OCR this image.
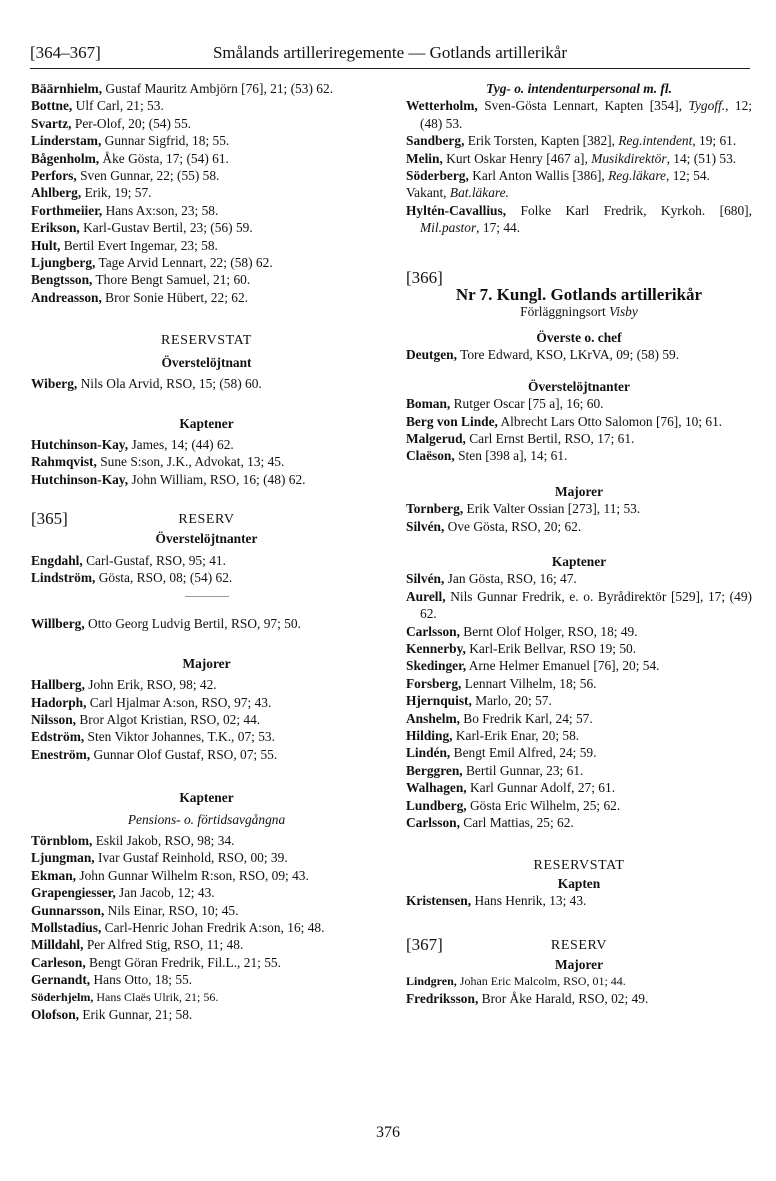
Smålands artilleriregemente — Gotlands artillerikår
[364–367]

Bäärnhielm, Gustaf Mauritz Ambjörn [76], 21; (53) 62.

Bottne, Ulf Carl, 21; 53.

Svartz, Per-Olof, 20; (54) 55.

Linderstam, Gunnar Sigfrid, 18; 55.

Bågenholm, Åke Gösta, 17; (54) 61.

Perfors, Sven Gunnar, 22; (55) 58.

Ahlberg, Erik, 19; 57.

Forthmeiier, Hans Ax:son, 23; 58.

Erikson, Karl-Gustav Bertil, 23; (56) 59.

Hult, Bertil Evert Ingemar, 23; 58.

Ljungberg, Tage Arvid Lennart, 22; (58) 62.

Bengtsson, Thore Bengt Samuel, 21; 60.

Andreasson, Bror Sonie Hübert, 22; 62.

RESERVSTAT

Överstelöjtnant

Wiberg, Nils Ola Arvid, RSO, 15; (58) 60.

Kaptener

Hutchinson-Kay, James, 14; (44) 62.

Rahmqvist, Sune S:son, J.K., Advokat, 13; 45.

Hutchinson-Kay, John William, RSO, 16; (48) 62.

[365]	RESERV

Överstelöjtnanter

Engdahl, Carl-Gustaf, RSO, 95; 41.

Lindström, Gösta, RSO, 08; (54) 62.

Willberg, Otto Georg Ludvig Bertil, RSO, 97; 50.

Majorer

Hallberg, John Erik, RSO, 98; 42.

Hadorph, Carl Hjalmar A:son, RSO, 97; 43.

Nilsson, Bror Algot Kristian, RSO, 02; 44.

Edström, Sten Viktor Johannes, T.K., 07; 53.

Eneström, Gunnar Olof Gustaf, RSO, 07; 55.

Kaptener

Pensions- o. förtidsavgångna

Törnblom, Eskil Jakob, RSO, 98; 34.

Ljungman, Ivar Gustaf Reinhold, RSO, 00; 39.

Ekman, John Gunnar Wilhelm R:son, RSO, 09; 43.

Grapengiesser, Jan Jacob, 12; 43.

Gunnarsson, Nils Einar, RSO, 10; 45.

Mollstadius, Carl-Henric Johan Fredrik A:son, 16; 48.

Milldahl, Per Alfred Stig, RSO, 11; 48.

Carleson, Bengt Göran Fredrik, Fil.L., 21; 55.

Gernandt, Hans Otto, 18; 55.

Söderhjelm, Hans Claës Ulrik, 21; 56.

Olofson, Erik Gunnar, 21; 58.

Tyg- o. intendenturpersonal m. fl.

Wetterholm, Sven-Gösta Lennart, Kapten [354], Tygoff., 12; (48) 53.

Sandberg, Erik Torsten, Kapten [382], Reg.intendent, 19; 61.

Melin, Kurt Oskar Henry [467 a], Musikdirektör, 14; (51) 53.

Söderberg, Karl Anton Wallis [386], Reg.läkare, 12; 54.

Vakant, Bat.läkare.

Hyltén-Cavallius, Folke Karl Fredrik, Kyrkoh. [680], Mil.pastor, 17; 44.

[366]

Nr 7. Kungl. Gotlands artillerikår

Förläggningsort Visby

Överste o. chef

Deutgen, Tore Edward, KSO, LKrVA, 09; (58) 59.

Överstelöjtnanter

Boman, Rutger Oscar [75 a], 16; 60.

Berg von Linde, Albrecht Lars Otto Salomon [76], 10; 61.

Malgerud, Carl Ernst Bertil, RSO, 17; 61.

Claëson, Sten [398 a], 14; 61.

Majorer

Tornberg, Erik Valter Ossian [273], 11; 53.

Silvén, Ove Gösta, RSO, 20; 62.

Kaptener

Silvén, Jan Gösta, RSO, 16; 47.

Aurell, Nils Gunnar Fredrik, e. o. Byrådirektör [529], 17; (49) 62.

Carlsson, Bernt Olof Holger, RSO, 18; 49.

Kennerby, Karl-Erik Bellvar, RSO 19; 50.

Skedinger, Arne Helmer Emanuel [76], 20; 54.

Forsberg, Lennart Vilhelm, 18; 56.

Hjernquist, Marlo, 20; 57.

Anshelm, Bo Fredrik Karl, 24; 57.

Hilding, Karl-Erik Enar, 20; 58.

Lindén, Bengt Emil Alfred, 24; 59.

Berggren, Bertil Gunnar, 23; 61.

Walhagen, Karl Gunnar Adolf, 27; 61.

Lundberg, Gösta Eric Wilhelm, 25; 62.

Carlsson, Carl Mattias, 25; 62.

RESERVSTAT

Kapten

Kristensen, Hans Henrik, 13; 43.

[367]	RESERV

Majorer

Lindgren, Johan Eric Malcolm, RSO, 01; 44.

Fredriksson, Bror Åke Harald, RSO, 02; 49.

376
